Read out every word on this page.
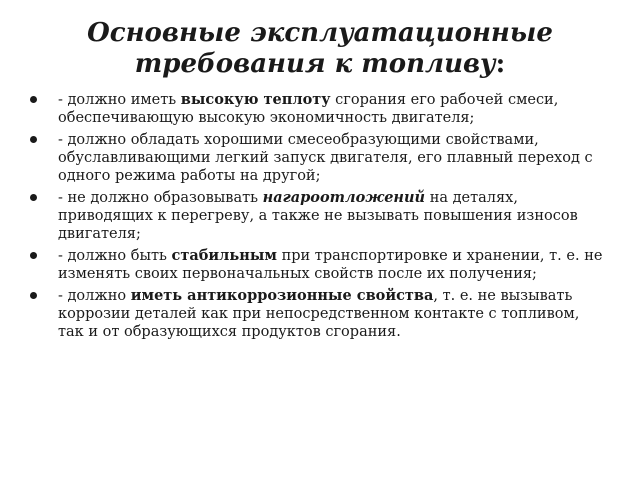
Основные эксплуатационные
требования к топливу:
- должно иметь высокую теплоту сгорания его рабочей смеси, обеспечивающую высокую экономичность двигателя;
- должно обладать хорошими смесеобразующими свойствами, обуславливающими легкий запуск двигателя, его плавный переход с одного режима работы на другой;
- не должно образовывать нагароотложений на деталях, приводящих к перегреву, а также не вызывать повышения износов двигателя;
- должно быть стабильным при транспортировке и хранении, т. е. не изменять своих первоначальных свойств после их получения;
- должно иметь антикоррозионные свойства, т. е. не вызывать коррозии деталей как при непосредственном контакте с топливом, так и от образующихся продуктов сгорания.
